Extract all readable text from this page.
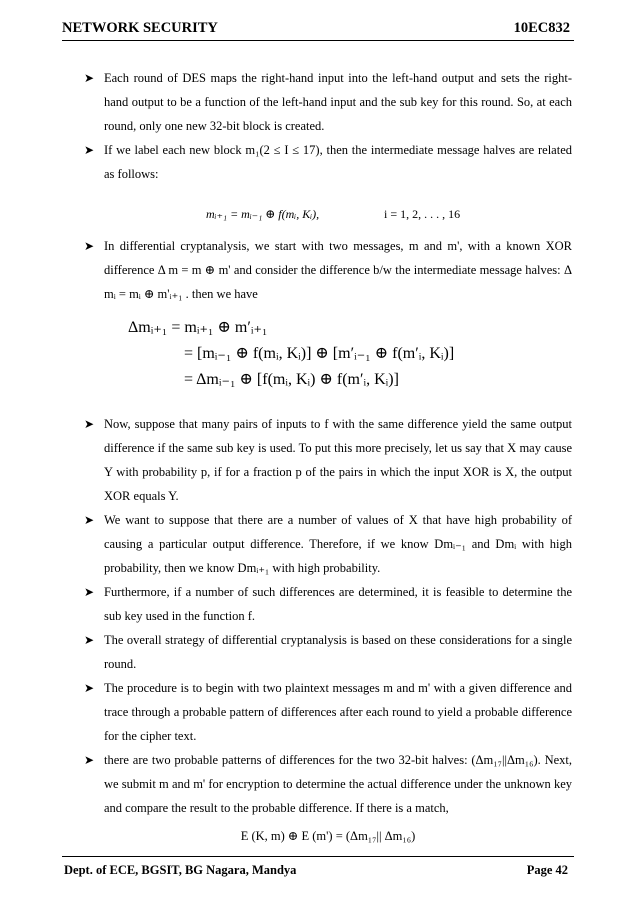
NETWORK SECURITY	10EC832
➤ Each round of DES maps the right-hand input into the left-hand output and sets the right-hand output to be a function of the left-hand input and the sub key for this round. So, at each round, only one new 32-bit block is created.
➤ If we label each new block m₁(2 ≤ I ≤ 17), then the intermediate message halves are related as follows:
mᵢ₊₁ = mᵢ₋₁ ⊕ f(mᵢ, Kᵢ),	i = 1, 2, . . . , 16
➤ In differential cryptanalysis, we start with two messages, m and m', with a known XOR difference Δ m = m ⊕ m' and consider the difference b/w the intermediate message halves: Δ mᵢ = mᵢ ⊕ m'ᵢ₊₁ . then we have
Δmᵢ₊₁ = mᵢ₊₁ ⊕ m′ᵢ₊₁
= [mᵢ₋₁ ⊕ f(mᵢ, Kᵢ)] ⊕ [m′ᵢ₋₁ ⊕ f(m′ᵢ, Kᵢ)]
= Δmᵢ₋₁ ⊕ [f(mᵢ, Kᵢ) ⊕ f(m′ᵢ, Kᵢ)]
➤ Now, suppose that many pairs of inputs to f with the same difference yield the same output difference if the same sub key is used. To put this more precisely, let us say that X may cause Y with probability p, if for a fraction p of the pairs in which the input XOR is X, the output XOR equals Y.
➤ We want to suppose that there are a number of values of X that have high probability of causing a particular output difference. Therefore, if we know Dmᵢ₋₁ and Dmᵢ with high probability, then we know Dmᵢ₊₁ with high probability.
➤ Furthermore, if a number of such differences are determined, it is feasible to determine the sub key used in the function f.
➤ The overall strategy of differential cryptanalysis is based on these considerations for a single round.
➤ The procedure is to begin with two plaintext messages m and m' with a given difference and trace through a probable pattern of differences after each round to yield a probable difference for the cipher text.
➤ there are two probable patterns of differences for the two 32-bit halves: (Δm₁₇||Δm₁₆). Next, we submit m and m' for encryption to determine the actual difference under the unknown key and compare the result to the probable difference. If there is a match,
E (K, m) ⊕ E (m') = (Δm₁₇|| Δm₁₆)
Dept. of ECE, BGSIT, BG Nagara, Mandya	Page 42
